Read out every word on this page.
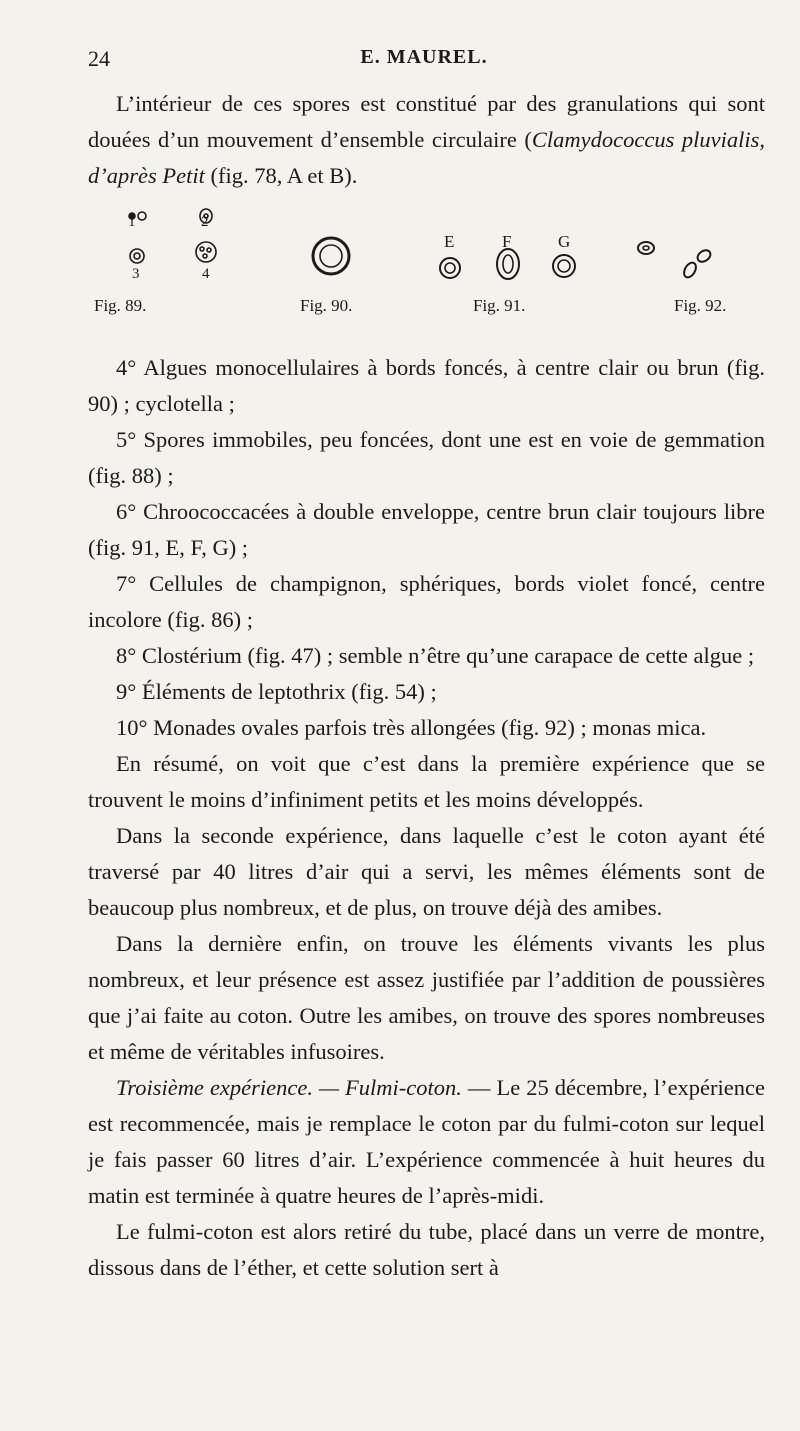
24	E. MAUREL.

L’intérieur de ces spores est constitué par des granulations qui sont douées d’un mouvement d’ensemble circulaire (Clamydococcus pluvialis, d’après Petit (fig. 78, A et B).

1	2
3	4
E	F	G
Fig. 89.	Fig. 90.	Fig. 91.	Fig. 92.

4° Algues monocellulaires à bords foncés, à centre clair ou brun (fig. 90) ; cyclotella ;

5° Spores immobiles, peu foncées, dont une est en voie de gemmation (fig. 88) ;

6° Chroococcacées à double enveloppe, centre brun clair toujours libre (fig. 91, E, F, G) ;

7° Cellules de champignon, sphériques, bords violet foncé, centre incolore (fig. 86) ;

8° Clostérium (fig. 47) ; semble n’être qu’une carapace de cette algue ;

9° Éléments de leptothrix (fig. 54) ;

10° Monades ovales parfois très allongées (fig. 92) ; monas mica.

En résumé, on voit que c’est dans la première expérience que se trouvent le moins d’infiniment petits et les moins développés.

Dans la seconde expérience, dans laquelle c’est le coton ayant été traversé par 40 litres d’air qui a servi, les mêmes éléments sont de beaucoup plus nombreux, et de plus, on trouve déjà des amibes.

Dans la dernière enfin, on trouve les éléments vivants les plus nombreux, et leur présence est assez justifiée par l’addition de poussières que j’ai faite au coton. Outre les amibes, on trouve des spores nombreuses et même de véritables infusoires.

Troisième expérience. — Fulmi-coton. — Le 25 décembre, l’expérience est recommencée, mais je remplace le coton par du fulmi-coton sur lequel je fais passer 60 litres d’air. L’expérience commencée à huit heures du matin est terminée à quatre heures de l’après-midi.

Le fulmi-coton est alors retiré du tube, placé dans un verre de montre, dissous dans de l’éther, et cette solution sert à
